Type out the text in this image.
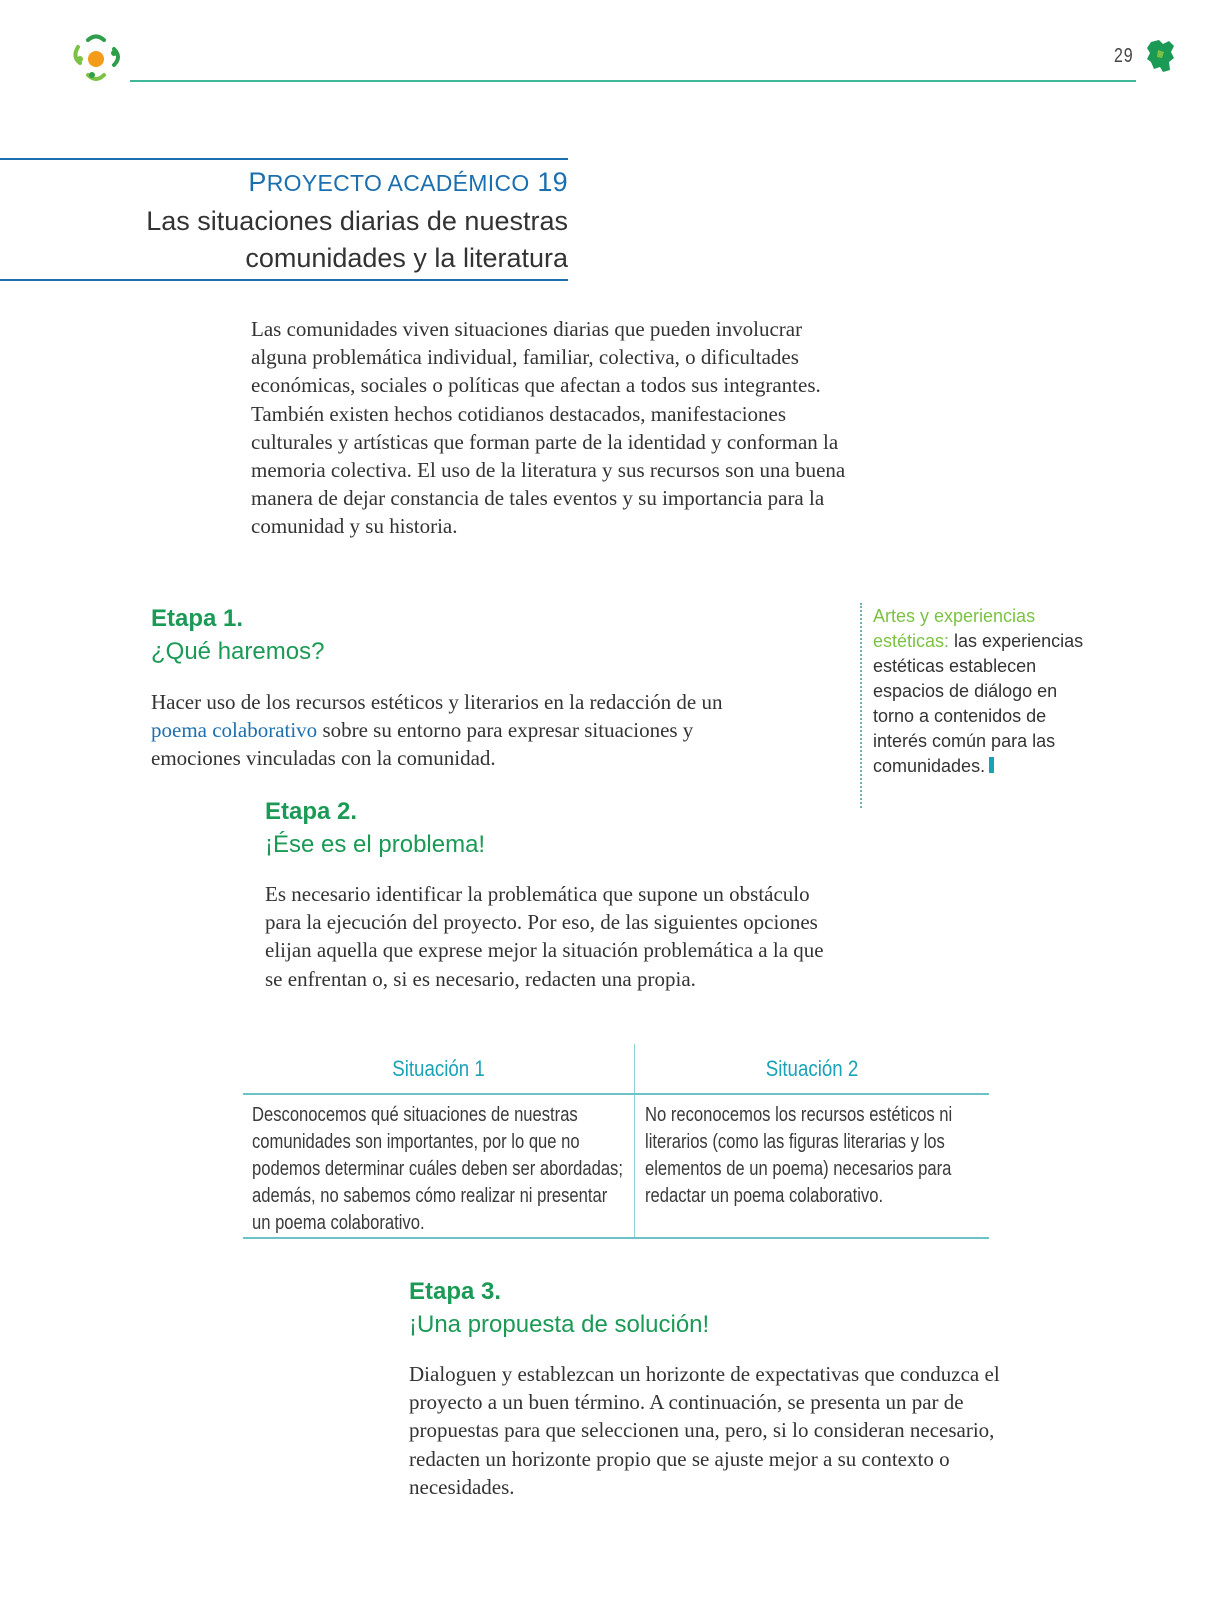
29
PROYECTO ACADÉMICO 19
Las situaciones diarias de nuestras
comunidades y la literatura
Las comunidades viven situaciones diarias que pueden involucrar alguna problemática individual, familiar, colectiva, o dificultades económicas, sociales o políticas que afectan a todos sus integrantes. También existen hechos cotidianos destacados, manifestaciones culturales y artísticas que forman parte de la identidad y conforman la memoria colectiva. El uso de la literatura y sus recursos son una buena manera de dejar constancia de tales eventos y su importancia para la comunidad y su historia.
Etapa 1.
¿Qué haremos?
Hacer uso de los recursos estéticos y literarios en la redacción de un poema colaborativo sobre su entorno para expresar situaciones y emociones vinculadas con la comunidad.
Artes y experiencias estéticas: las experiencias estéticas establecen espacios de diálogo en torno a contenidos de interés común para las comunidades.
Etapa 2.
¡Ése es el problema!
Es necesario identificar la problemática que supone un obstáculo para la ejecución del proyecto. Por eso, de las siguientes opciones elijan aquella que exprese mejor la situación problemática a la que se enfrentan o, si es necesario, redacten una propia.
Situación 1	Situación 2
Desconocemos qué situaciones de nuestras comunidades son importantes, por lo que no podemos determinar cuáles deben ser abordadas; además, no sabemos cómo realizar ni presentar un poema colaborativo.
No reconocemos los recursos estéticos ni literarios (como las figuras literarias y los elementos de un poema) necesarios para redactar un poema colaborativo.
Etapa 3.
¡Una propuesta de solución!
Dialoguen y establezcan un horizonte de expectativas que conduzca el proyecto a un buen término. A continuación, se presenta un par de propuestas para que seleccionen una, pero, si lo consideran necesario, redacten un horizonte propio que se ajuste mejor a su contexto o necesidades.
